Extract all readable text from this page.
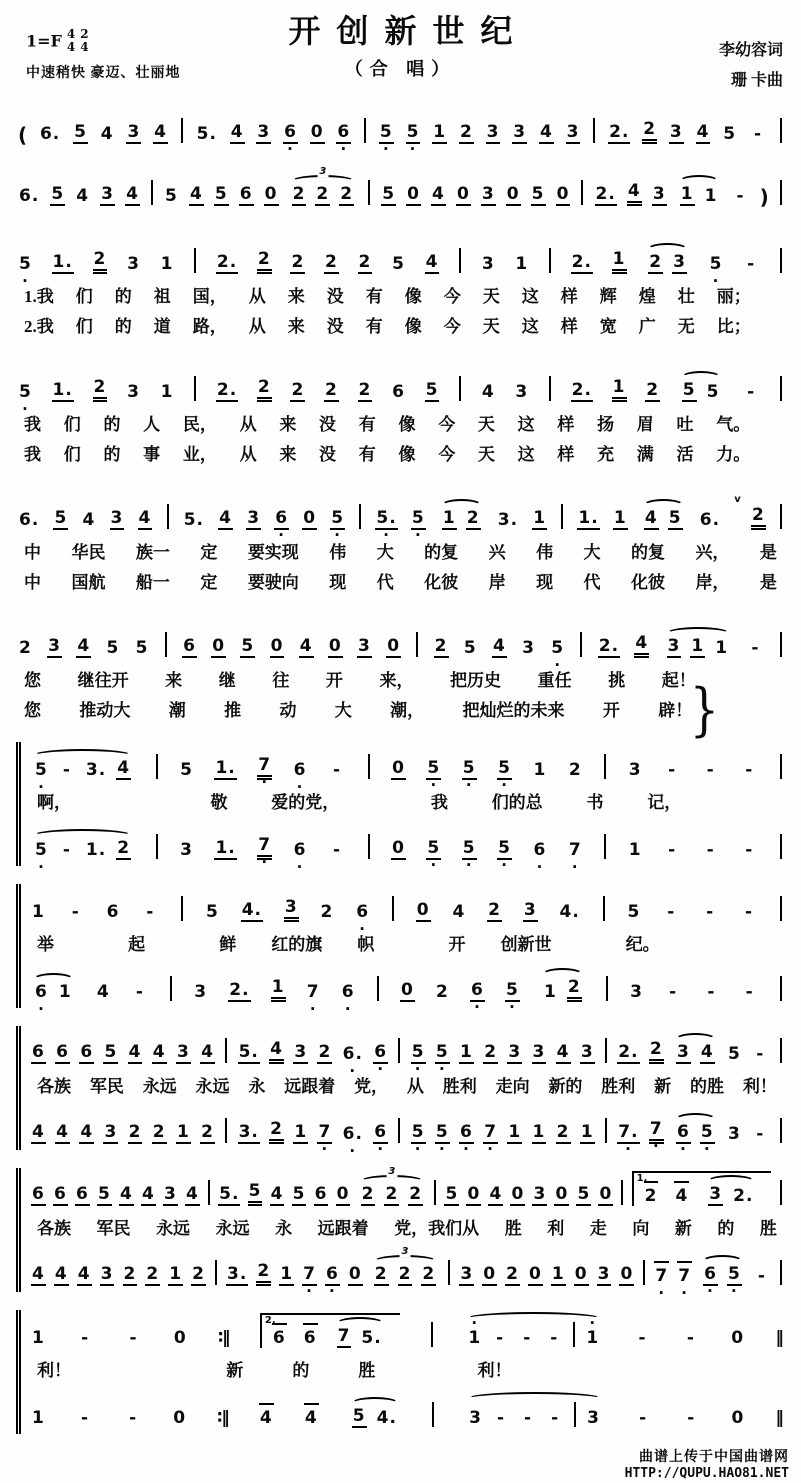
1=F 4
4
2
4
中速稍快 豪迈、壮丽地
开创新世纪
（合 唱）
李幼容词
珊 卡曲
( 6. 5 4 3 4 5. 4 3 6 · 0 6 · 5 · 5 · 1 2 3 3 4 3 2. 2 3 4 5 -
6. 5 4 3 4 5 4 5 6 0 2 2 2
3 5 0 4 0 3 0 5 0 2. 4 3 1 1 - )
5 · 1. 2 3 1	2. 2 2 2 2 5 4	3 1	2. 1 2 3 5 · -
1.我 们 的 祖 国， 从 来 没 有 像 今 天 这 样 辉 煌 壮 丽；
2.我 们 的 道 路， 从 来 没 有 像 今 天 这 样 宽 广 无 比；
5 · 1. 2 3 1	2. 2 2 2 2 6 5	4 3	2. 1 2 5 5 -
我 们 的 人 民， 从 来 没 有 像 今 天 这 样 扬 眉 吐 气。
我 们 的 事 业， 从 来 没 有 像 今 天 这 样 充 满 活 力。
6. 5 4 3 4 5. 4 3 6 · 0 5 · 5. · 5 · 1 2 3. 1 1. 1 4 5 6.
v
2
中 华民 族一 定 要实现 伟 大 的复 兴 伟 大 的复 兴， 是
中 国航 船一 定 要驶向 现 代 化彼 岸 现 代 化彼 岸， 是
2 3 4 5 5 6 0 5 0 4 0 3 0 2 5 4 3 5 · 2. 4 3 1 1 -
您 继往开 来 继 往 开 来， 把历史 重任 挑 起！
您 推动大 潮 推 动 大 潮， 把灿烂的未来 开 辟！
}
5 · - 3. 4	5 1. 7 · 6 · -	0 5 · 5 · 5 · 1 2	3 - - -
啊，	敬	爱的党，	我	们的总	书	记，
5 · - 1. 2	3 1. 7 · 6 · -	0 5 · 5 · 5 · 6 · 7 ·	1 - - -
1 - 6 -	5 4. 3 2 6 ·	0 4 2 3 4.	5 - - -
举	起	鲜 红的旗 帜	开 创新世	纪。
6 · 1 4 -	3 2. 1 7 · 6 ·	0 2 6 · 5 · 1 2	3 - - -
6 6 6 5 4 4 3 4 5. 4 3 2 6. · 6 · 5 · 5 · 1 2 3 3 4 3 2. 2 3 4 5 -
各族 军民 永远 永远 永 远跟着 党， 从 胜利 走向 新的 胜利 新 的胜 利！
4 4 4 3 2 2 1 2 3. 2 1 7 · 6. · 6 · 5 · 5 · 6 · 7 · 1 1 2 1 7. · 7 · 6 · 5 · 3 -
6 6 6 5 4 4 3 4 5. 5 4 5 6 0 2 2 2
3 5 0 4 0 3 0 5 0 1. 2 4 3 2.
各族 军民 永远 永远 永 远跟着 党，我们从 胜 利 走 向 新 的 胜
4 4 4 3 2 2 1 2 3. 2 1 7 · 6 · 0 2 2 2
3 3 0 2 0 1 0 3 0 7 · 7 · 6 · 5 · -
1 - - 0 ∶‖	2. 6 6 7 5.	· 1 - - - · 1 - - 0 ‖
利！	新	的	胜	利！
1 - - 0 ∶‖ 4 4 5 4.	3 - - - 3 - - 0 ‖
曲谱上传于中国曲谱网
HTTP://QUPU.HAO81.NET
